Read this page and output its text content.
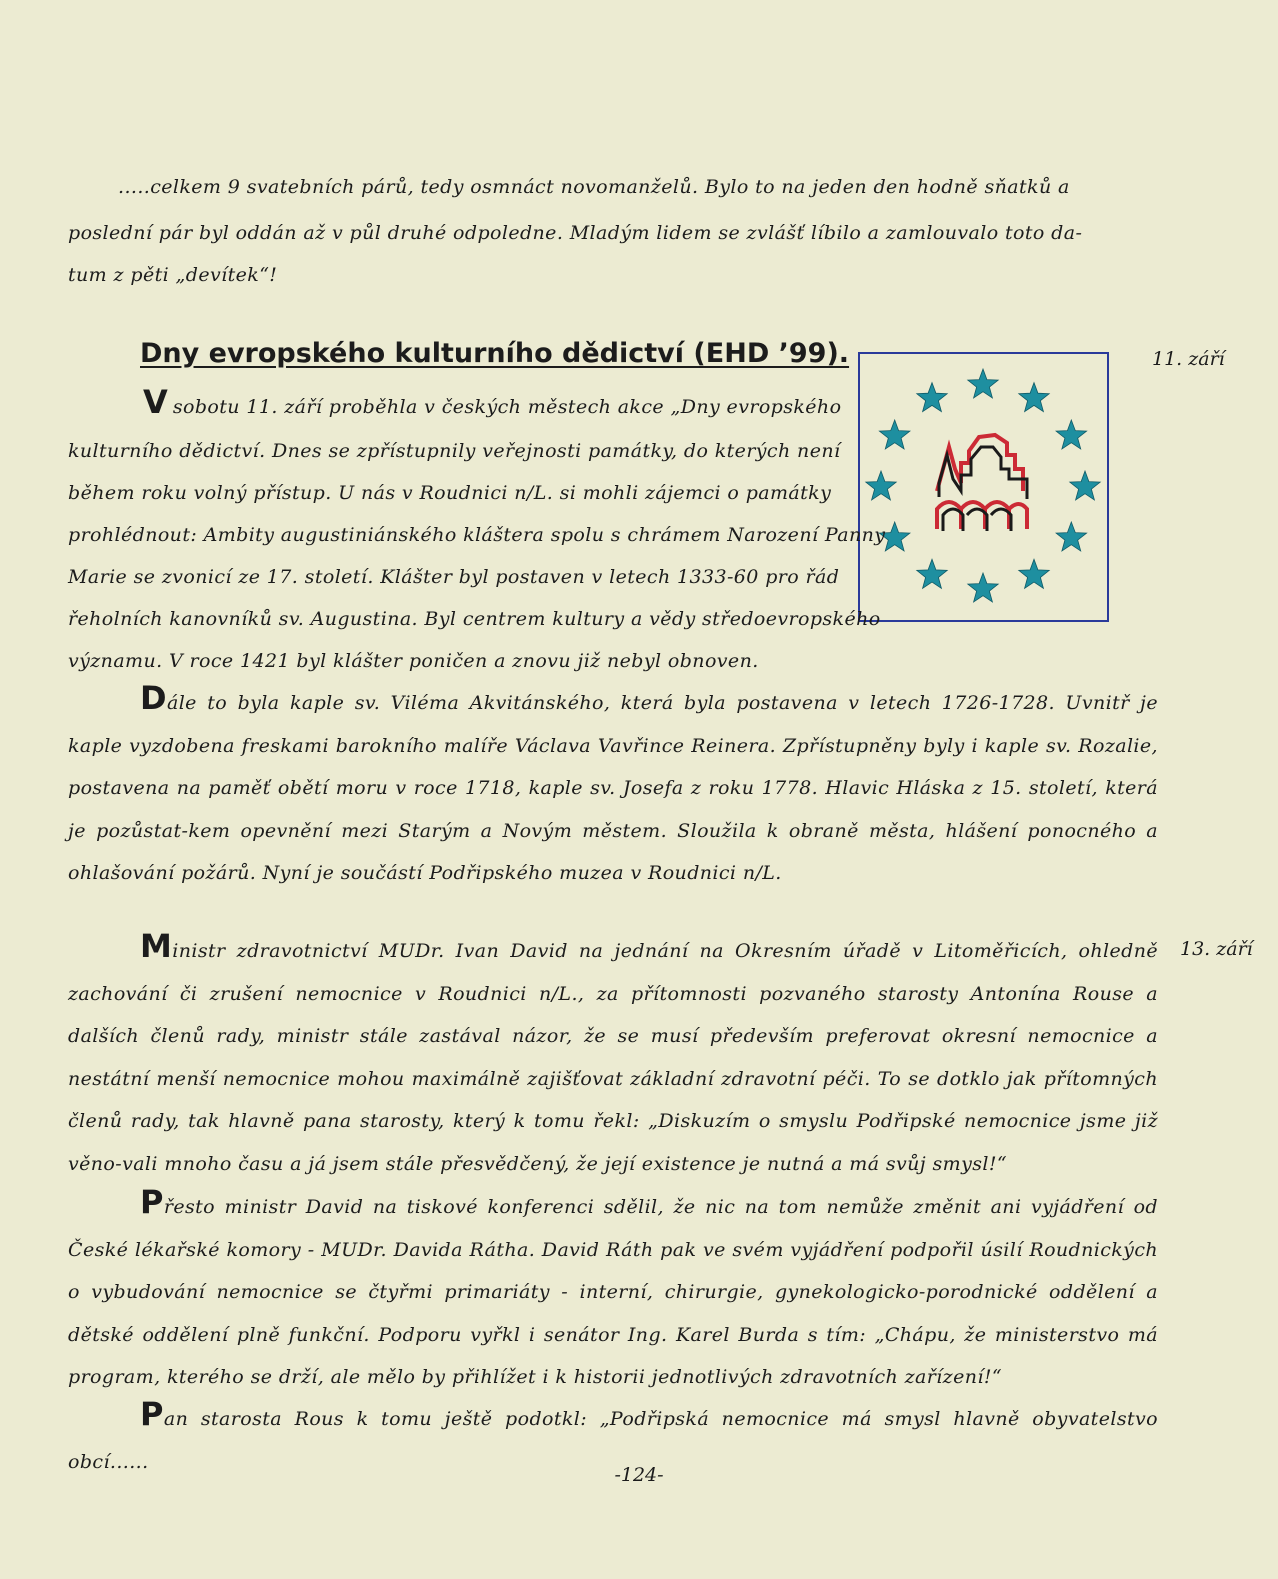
.....celkem 9 svatebních párů, tedy osmnáct novomanželů. Bylo to na jeden den hodně sňatků a
poslední pár byl oddán až v půl druhé odpoledne. Mladým lidem se zvlášť líbilo a zamlouvalo toto da-
tum z pěti „devítek“!
Dny evropského kulturního dědictví (EHD ’99).	11. září
V sobotu 11. září proběhla v českých městech akce „Dny evropského
kulturního dědictví. Dnes se zpřístupnily veřejnosti památky, do kterých není
během roku volný přístup. U nás v Roudnici n/L. si mohli zájemci o památky
prohlédnout: Ambity augustiniánského kláštera spolu s chrámem Narození Panny
Marie se zvonicí ze 17. století. Klášter byl postaven v letech 1333-60 pro řád
řeholních kanovníků sv. Augustina. Byl centrem kultury a vědy středoevropského
významu. V roce 1421 byl klášter poničen a znovu již nebyl obnoven.
Dále to byla kaple sv. Viléma Akvitánského, která byla postavena v letech 1726-1728. Uvnitř je kaple vyzdobena freskami barokního malíře Václava Vavřince Reinera. Zpřístupněny byly i kaple sv. Rozalie, postavena na paměť obětí moru v roce 1718, kaple sv. Josefa z roku 1778. Hlavic Hláska z 15. století, která je pozůstat-kem opevnění mezi Starým a Novým městem. Sloužila k obraně města, hlášení ponocného a ohlašování požárů. Nyní je součástí Podřipského muzea v Roudnici n/L.
13. září
Ministr zdravotnictví MUDr. Ivan David na jednání na Okresním úřadě v Litoměřicích, ohledně zachování či zrušení nemocnice v Roudnici n/L., za přítomnosti pozvaného starosty Antonína Rouse a dalších členů rady, ministr stále zastával názor, že se musí především preferovat okresní nemocnice a nestátní menší nemocnice mohou maximálně zajišťovat základní zdravotní péči. To se dotklo jak přítomných členů rady, tak hlavně pana starosty, který k tomu řekl: „Diskuzím o smyslu Podřipské nemocnice jsme již věno-vali mnoho času a já jsem stále přesvědčený, že její existence je nutná a má svůj smysl!“
Přesto ministr David na tiskové konferenci sdělil, že nic na tom nemůže změnit ani vyjádření od České lékařské komory - MUDr. Davida Rátha. David Ráth pak ve svém vyjádření podpořil úsilí Roudnických o vybudování nemocnice se čtyřmi primariáty - interní, chirurgie, gynekologicko-porodnické oddělení a dětské oddělení plně funkční. Podporu vyřkl i senátor Ing. Karel Burda s tím: „Chápu, že ministerstvo má program, kterého se drží, ale mělo by přihlížet i k historii jednotlivých zdravotních zařízení!“
Pan starosta Rous k tomu ještě podotkl: „Podřipská nemocnice má smysl hlavně obyvatelstvo obcí......
-124-
